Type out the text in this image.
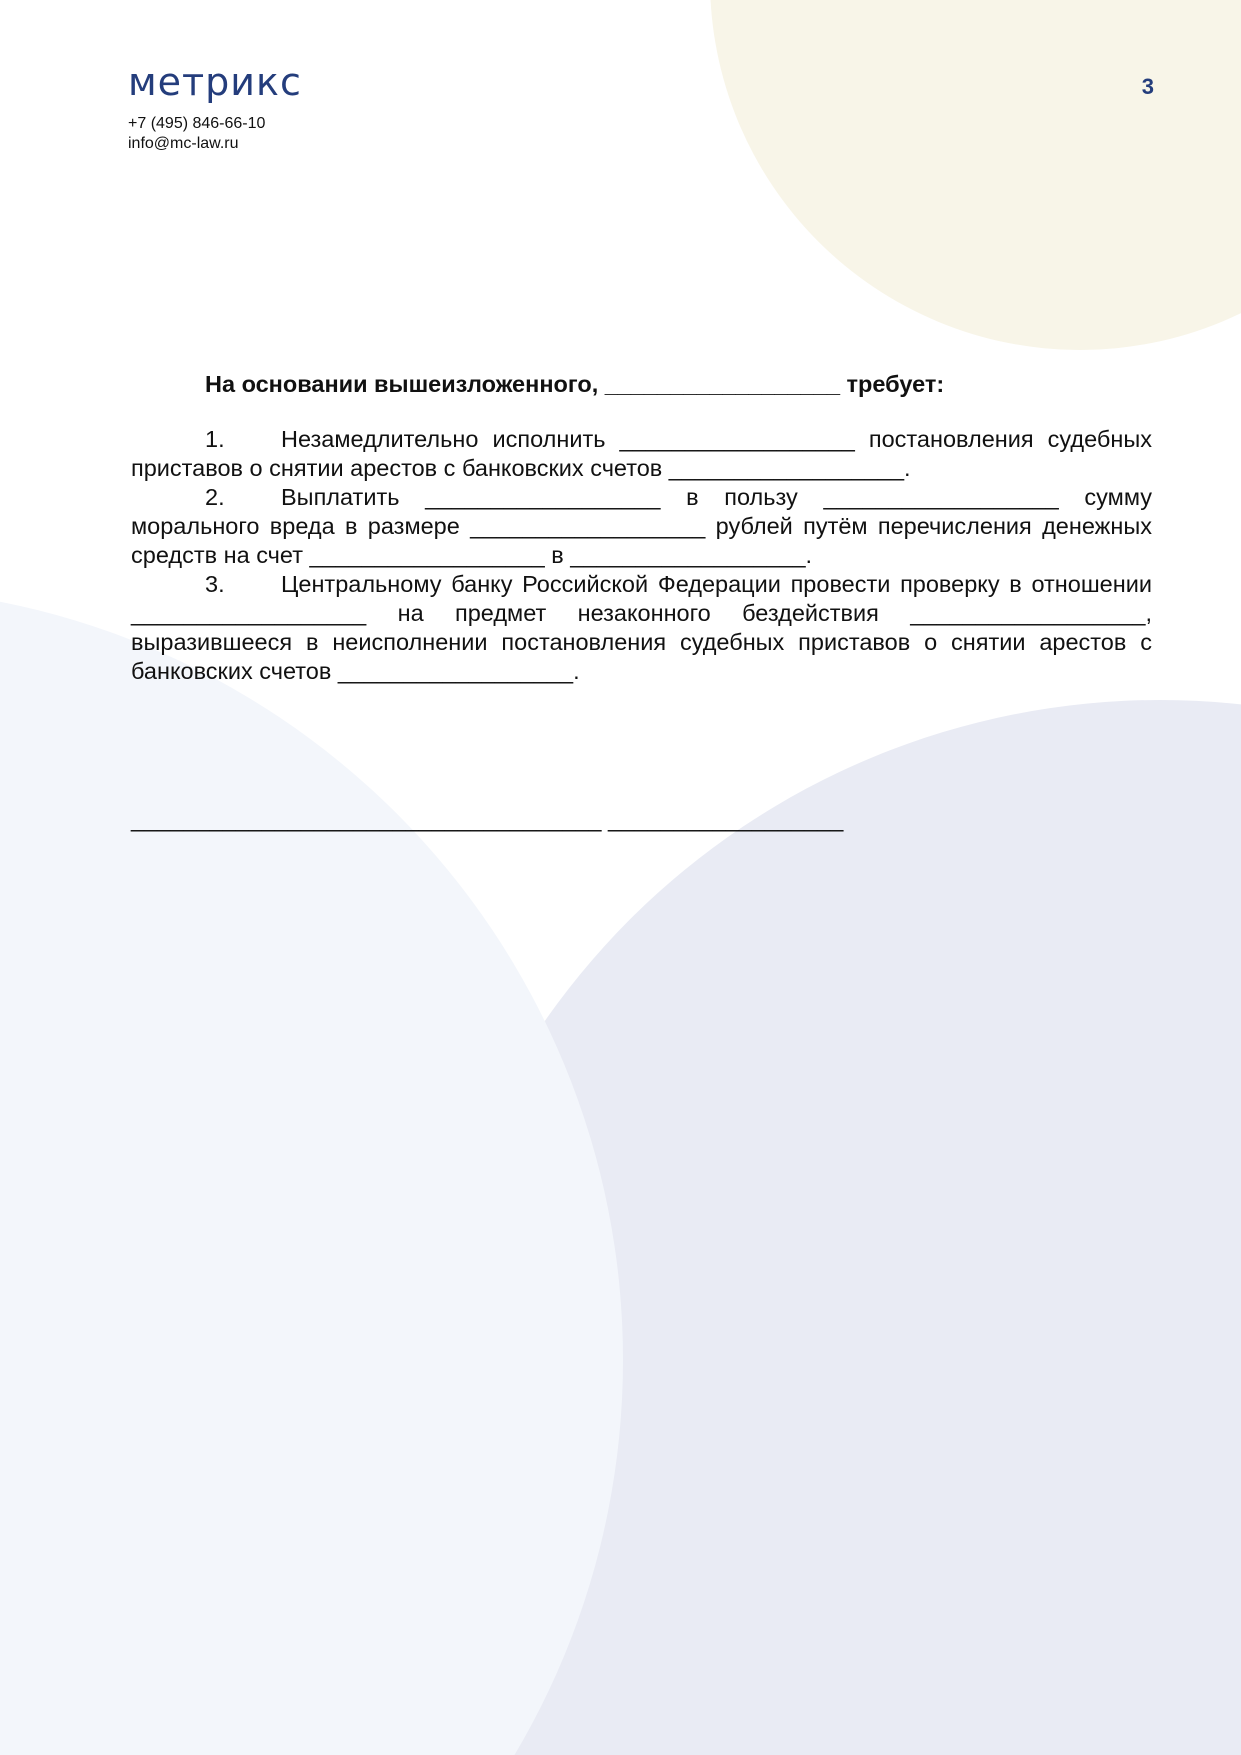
метрикс
+7 (495) 846-66-10
info@mc-law.ru
3

На основании вышеизложенного, __________________ требует:

1. Незамедлительно исполнить __________________ постановления судебных приставов о снятии арестов с банковских счетов __________________.

2. Выплатить __________________ в пользу __________________ сумму морального вреда в размере __________________ рублей путём перечисления денежных средств на счет __________________ в __________________.

3. Центральному банку Российской Федерации провести проверку в отношении __________________ на предмет незаконного бездействия __________________, выразившееся в неисполнении постановления судебных приставов о снятии арестов с банковских счетов __________________.

____________________________________ __________________
